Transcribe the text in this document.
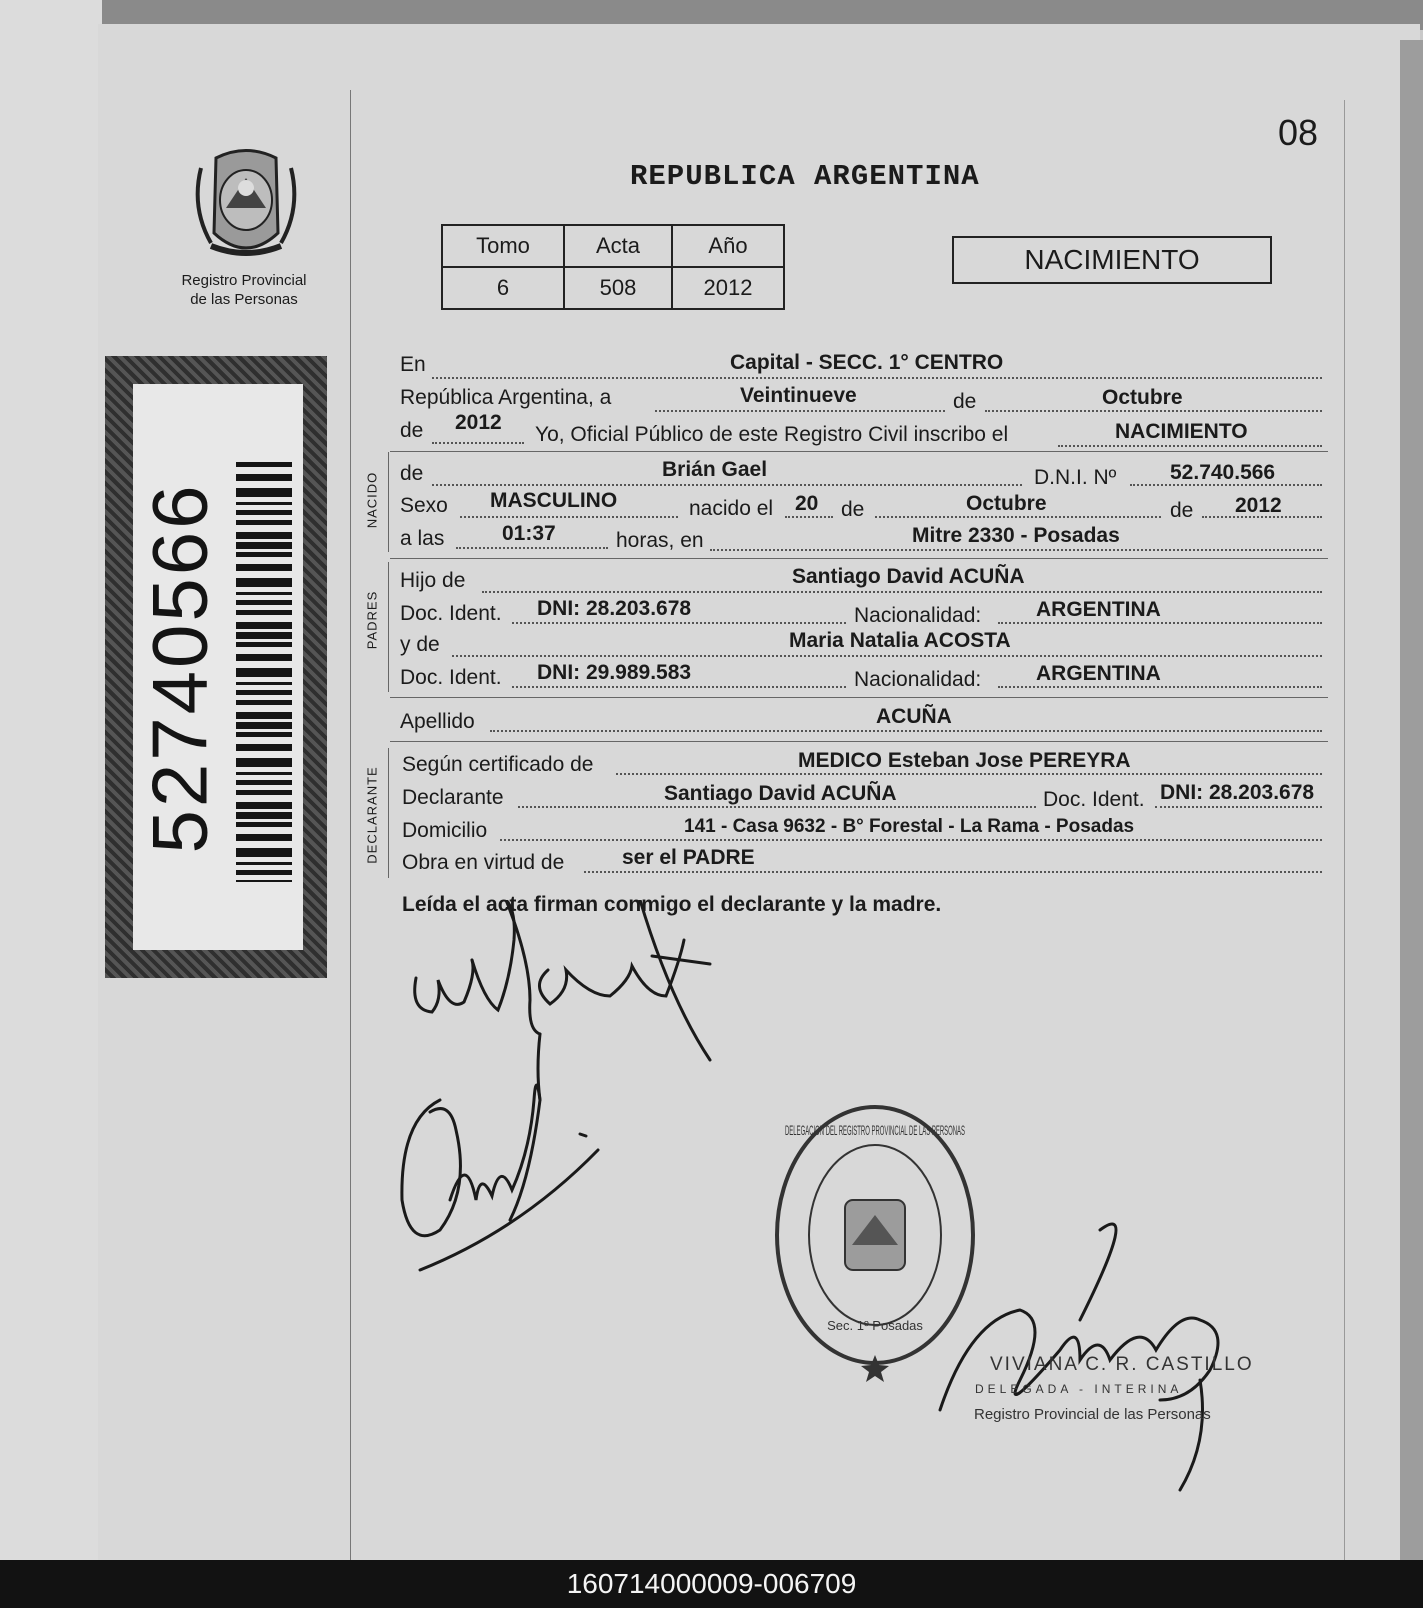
Registro Provincial
de las Personas
52740566
08
REPUBLICA ARGENTINA
Tomo	Acta	Año
6	508	2012
NACIMIENTO
En	Capital - SECC. 1° CENTRO
República Argentina, a	Veintinueve	de	Octubre
de 2012
Yo, Oficial Público de este Registro Civil inscribo el	NACIMIENTO
NACIDO de	Brián Gael	D.N.I. Nº	52.740.566
Sexo MASCULINO	nacido el 20 de	Octubre	de 2012
a las	01:37	horas, en	Mitre 2330 - Posadas
PADRES
Hijo de	Santiago David ACUÑA
Doc. Ident. DNI: 28.203.678	Nacionalidad:	ARGENTINA
y de	Maria Natalia ACOSTA
Doc. Ident. DNI: 29.989.583	Nacionalidad:	ARGENTINA
Apellido	ACUÑA
DECLARANTE
Según certificado de	MEDICO Esteban Jose PEREYRA
Declarante	Santiago David ACUÑA	Doc. Ident. DNI: 28.203.678
Domicilio	141 - Casa 9632 - B° Forestal - La Rama - Posadas
Obra en virtud de	ser el PADRE
Leída el acta firman conmigo el declarante y la madre.
DELEGACION DEL REGISTRO PROVINCIAL DE LAS PERSONAS
Sec. 1º Posadas
VIVIANA C. R. CASTILLO
DELEGADA - INTERINA
Registro Provincial de las Personas
160714000009-006709
